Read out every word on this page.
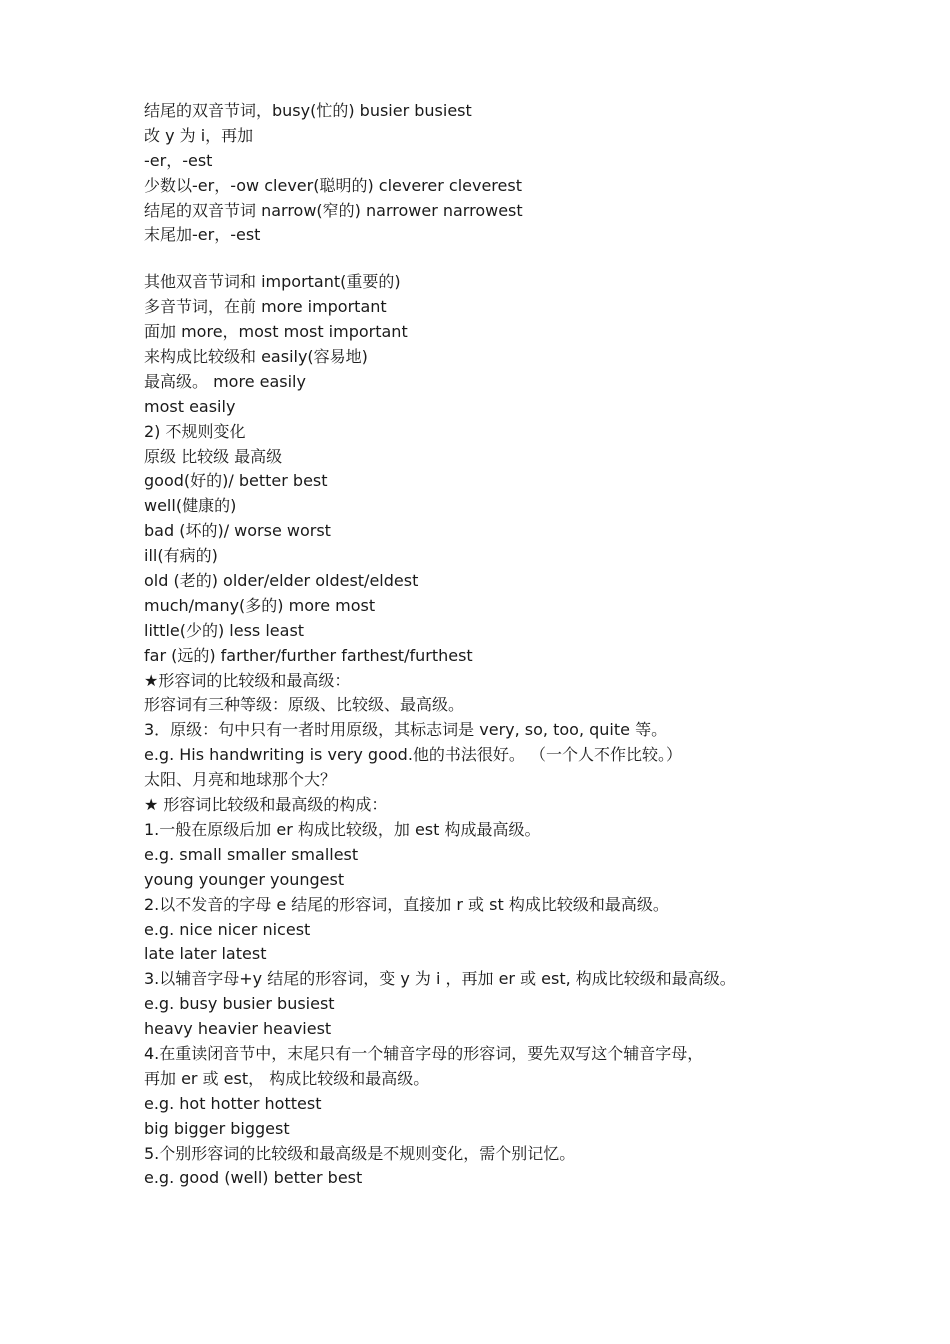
结尾的双音节词，busy(忙的) busier busiest
改 y 为 i，再加
-er，-est
少数以-er，-ow clever(聪明的) cleverer cleverest
结尾的双音节词 narrow(窄的) narrower narrowest
末尾加-er，-est
其他双音节词和 important(重要的)
多音节词，在前 more important
面加 more，most most important
来构成比较级和 easily(容易地)
最高级。 more easily
most easily
2) 不规则变化
原级 比较级 最高级
good(好的)/ better best
well(健康的)
bad (坏的)/ worse worst
ill(有病的)
old (老的) older/elder oldest/eldest
much/many(多的) more most
little(少的) less least
far (远的) farther/further farthest/furthest
★形容词的比较级和最高级：
形容词有三种等级：原级、比较级、最高级。
3．原级：句中只有一者时用原级，其标志词是 very, so, too, quite 等。
e.g. His handwriting is very good.他的书法很好。 （一个人不作比较。）
太阳、月亮和地球那个大？
★ 形容词比较级和最高级的构成：
1.一般在原级后加 er 构成比较级，加 est 构成最高级。
e.g. small smaller smallest
young younger youngest
2.以不发音的字母 e 结尾的形容词，直接加 r 或 st 构成比较级和最高级。
e.g. nice nicer nicest
late later latest
3.以辅音字母+y 结尾的形容词，变 y 为 i ，再加 er 或 est, 构成比较级和最高级。
e.g. busy busier busiest
heavy heavier heaviest
4.在重读闭音节中，末尾只有一个辅音字母的形容词，要先双写这个辅音字母，
再加 er 或 est， 构成比较级和最高级。
e.g. hot hotter hottest
big bigger biggest
5.个别形容词的比较级和最高级是不规则变化，需个别记忆。
e.g. good (well) better best
